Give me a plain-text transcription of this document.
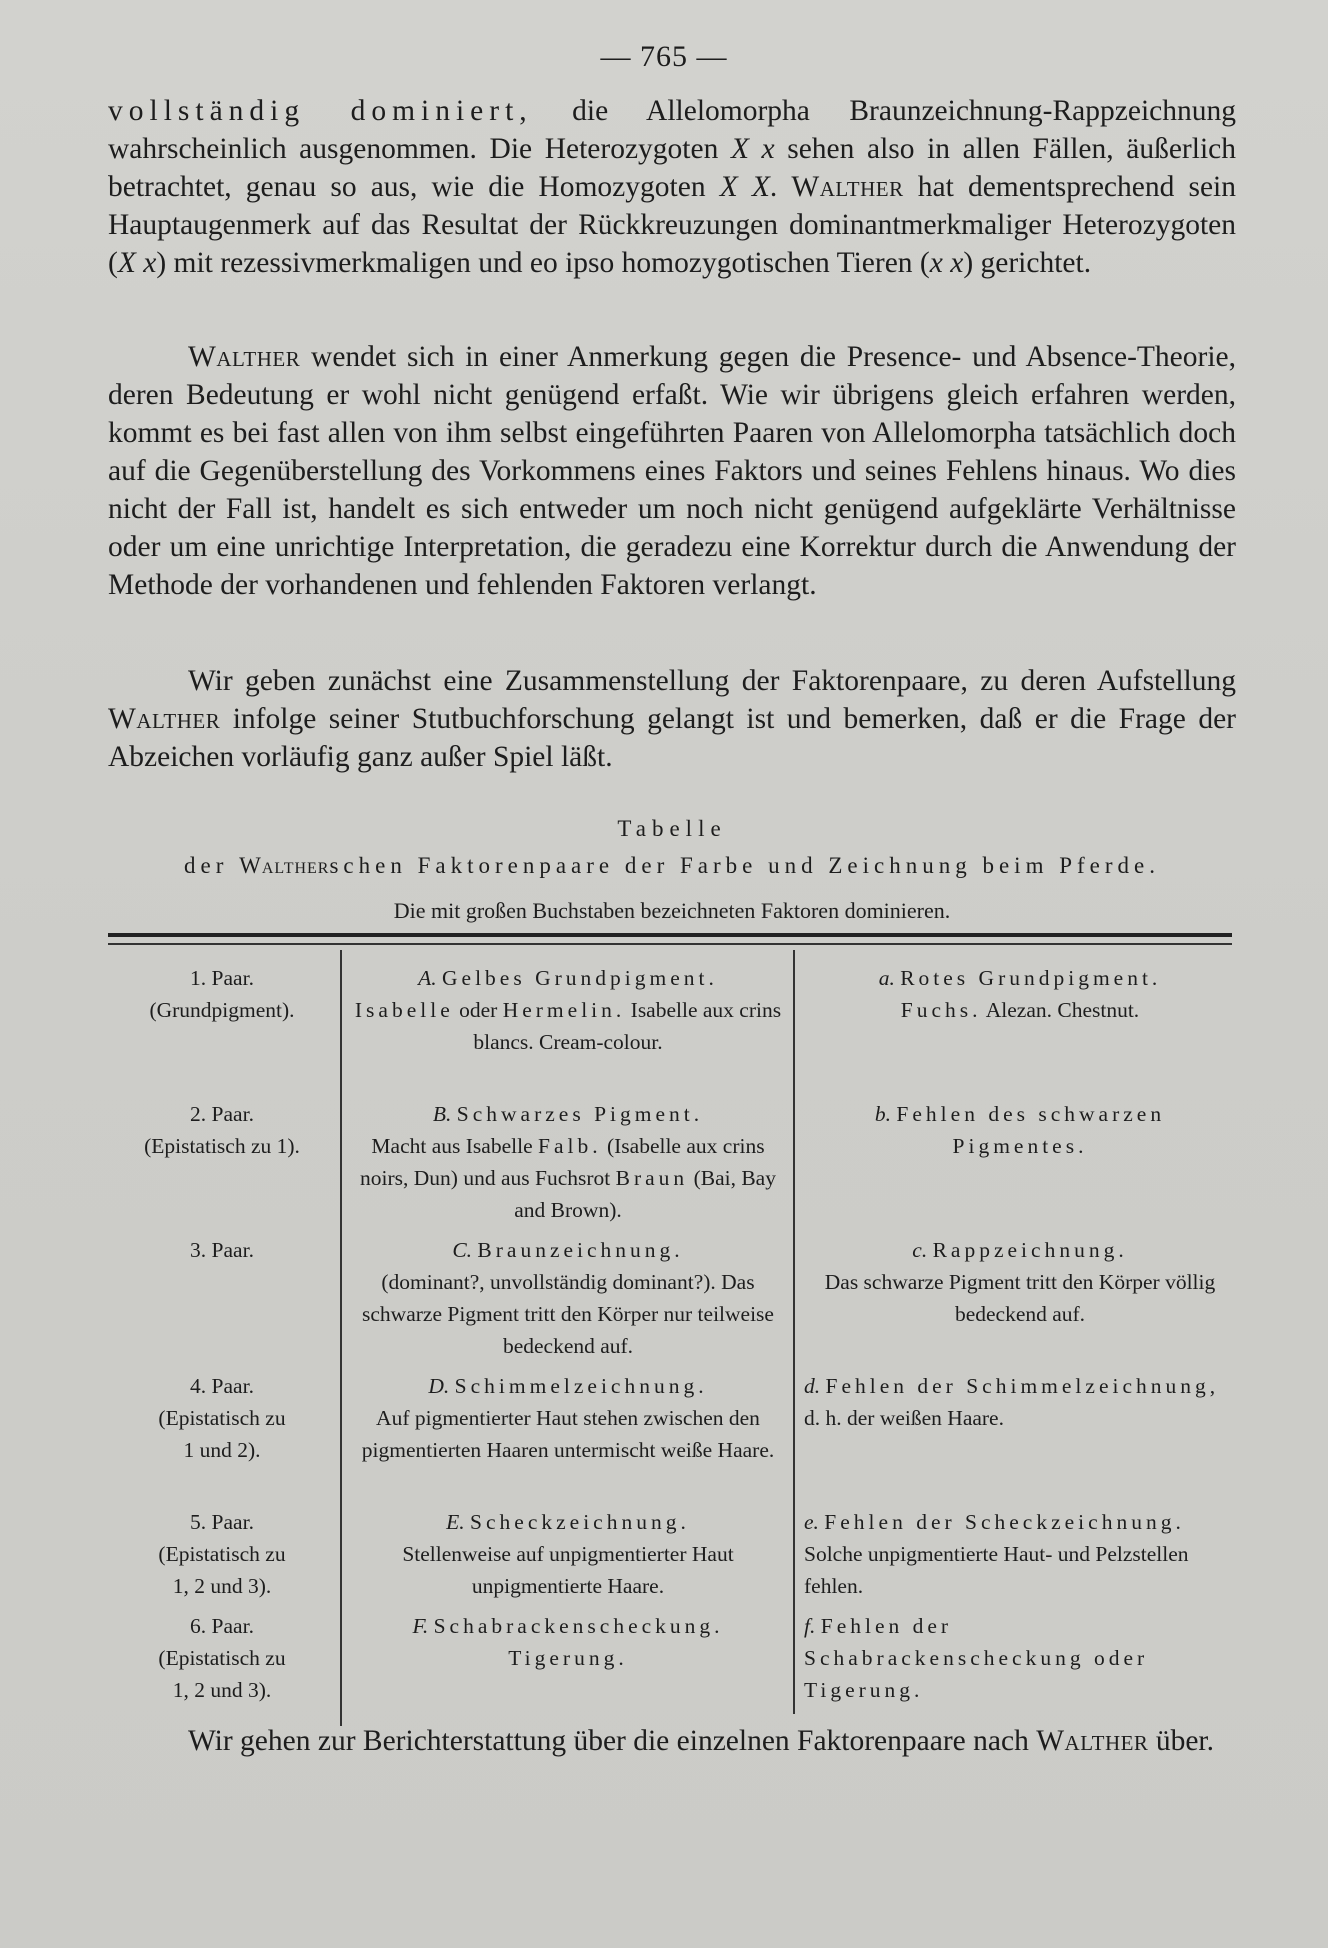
— 765 —
vollständig dominiert, die Allelomorpha Braunzeichnung-Rappzeichnung wahrscheinlich ausgenommen. Die Heterozygoten X x sehen also in allen Fällen, äußerlich betrachtet, genau so aus, wie die Homozygoten X X. Walther hat dementsprechend sein Hauptaugenmerk auf das Resultat der Rückkreuzungen dominantmerkmaliger Heterozygoten (X x) mit rezessivmerkmaligen und eo ipso homozygotischen Tieren (x x) gerichtet.
Walther wendet sich in einer Anmerkung gegen die Presence- und Absence-Theorie, deren Bedeutung er wohl nicht genügend erfaßt. Wie wir übrigens gleich erfahren werden, kommt es bei fast allen von ihm selbst eingeführten Paaren von Allelomorpha tatsächlich doch auf die Gegenüberstellung des Vorkommens eines Faktors und seines Fehlens hinaus. Wo dies nicht der Fall ist, handelt es sich entweder um noch nicht genügend aufgeklärte Verhältnisse oder um eine unrichtige Interpretation, die geradezu eine Korrektur durch die Anwendung der Methode der vorhandenen und fehlenden Faktoren verlangt.
Wir geben zunächst eine Zusammenstellung der Faktorenpaare, zu deren Aufstellung Walther infolge seiner Stutbuchforschung gelangt ist und bemerken, daß er die Frage der Abzeichen vorläufig ganz außer Spiel läßt.
Tabelle
der Waltherschen Faktorenpaare der Farbe und Zeichnung beim Pferde.
Die mit großen Buchstaben bezeichneten Faktoren dominieren.
1. Paar.
(Grundpigment).
A. Gelbes Grundpigment.
Isabelle oder Hermelin. Isabelle aux crins blancs. Cream-colour.
a. Rotes Grundpigment.
Fuchs. Alezan. Chestnut.
2. Paar.
(Epistatisch zu 1).
B. Schwarzes Pigment.
Macht aus Isabelle Falb. (Isabelle aux crins noirs, Dun) und aus Fuchsrot Braun (Bai, Bay and Brown).
b. Fehlen des schwarzen Pigmentes.
3. Paar.	C. Braunzeichnung.
(dominant?, unvollständig dominant?). Das schwarze Pigment tritt den Körper nur teilweise bedeckend auf.
c. Rappzeichnung.
Das schwarze Pigment tritt den Körper völlig bedeckend auf.
4. Paar.
(Epistatisch zu
1 und 2).
D. Schimmelzeichnung.
Auf pigmentierter Haut stehen zwischen den pigmentierten Haaren untermischt weiße Haare.
d. Fehlen der Schimmelzeichnung, d. h. der weißen Haare.
5. Paar.
(Epistatisch zu
1, 2 und 3).
E. Scheckzeichnung.
Stellenweise auf unpigmentierter Haut unpigmentierte Haare.
e. Fehlen der Scheckzeichnung. Solche unpigmentierte Haut- und Pelzstellen fehlen.
6. Paar.
(Epistatisch zu
1, 2 und 3).
F. Schabrackenscheckung. Tigerung.
f. Fehlen der Schabrackenscheckung oder Tigerung.
Wir gehen zur Berichterstattung über die einzelnen Faktorenpaare nach Walther über.
